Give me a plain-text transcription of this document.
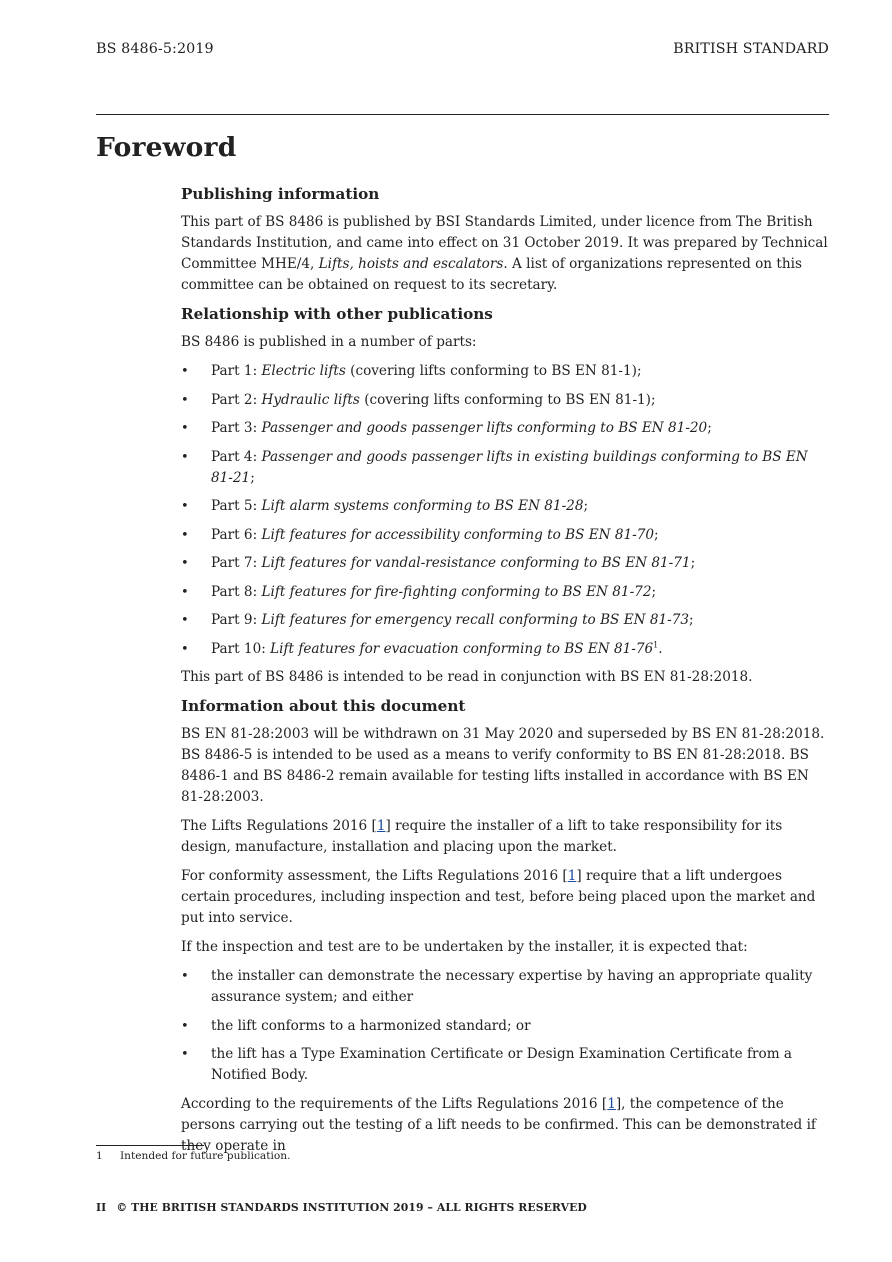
BS 8486-5:2019	BRITISH STANDARD
Foreword
Publishing information

This part of BS 8486 is published by BSI Standards Limited, under licence from The British Standards Institution, and came into effect on 31 October 2019. It was prepared by Technical Committee MHE/4, Lifts, hoists and escalators. A list of organizations represented on this committee can be obtained on request to its secretary.

Relationship with other publications

BS 8486 is published in a number of parts:

• Part 1: Electric lifts (covering lifts conforming to BS EN 81-1);
• Part 2: Hydraulic lifts (covering lifts conforming to BS EN 81-1);
• Part 3: Passenger and goods passenger lifts conforming to BS EN 81-20;
• Part 4: Passenger and goods passenger lifts in existing buildings conforming to BS EN 81-21;
• Part 5: Lift alarm systems conforming to BS EN 81-28;
• Part 6: Lift features for accessibility conforming to BS EN 81-70;
• Part 7: Lift features for vandal-resistance conforming to BS EN 81-71;
• Part 8: Lift features for fire-fighting conforming to BS EN 81-72;
• Part 9: Lift features for emergency recall conforming to BS EN 81-73;
• Part 10: Lift features for evacuation conforming to BS EN $81-76^1$.

This part of BS 8486 is intended to be read in conjunction with BS EN 81-28:2018.

Information about this document

BS EN 81-28:2003 will be withdrawn on 31 May 2020 and superseded by BS EN 81-28:2018.
BS 8486-5 is intended to be used as a means to verify conformity to BS EN 81-28:2018. BS 8486-1 and BS 8486-2 remain available for testing lifts installed in accordance with BS EN 81-28:2003.

The Lifts Regulations 2016 [1] require the installer of a lift to take responsibility for its design, manufacture, installation and placing upon the market.

For conformity assessment, the Lifts Regulations 2016 [1] require that a lift undergoes certain procedures, including inspection and test, before being placed upon the market and put into service.

If the inspection and test are to be undertaken by the installer, it is expected that:

• the installer can demonstrate the necessary expertise by having an appropriate quality assurance system; and either
• the lift conforms to a harmonized standard; or
• the lift has a Type Examination Certificate or Design Examination Certificate from a Notified Body.

According to the requirements of the Lifts Regulations 2016 [1], the competence of the persons carrying out the testing of a lift needs to be confirmed. This can be demonstrated if they operate in

1 Intended for future publication.
II © THE BRITISH STANDARDS INSTITUTION 2019 – ALL RIGHTS RESERVED
